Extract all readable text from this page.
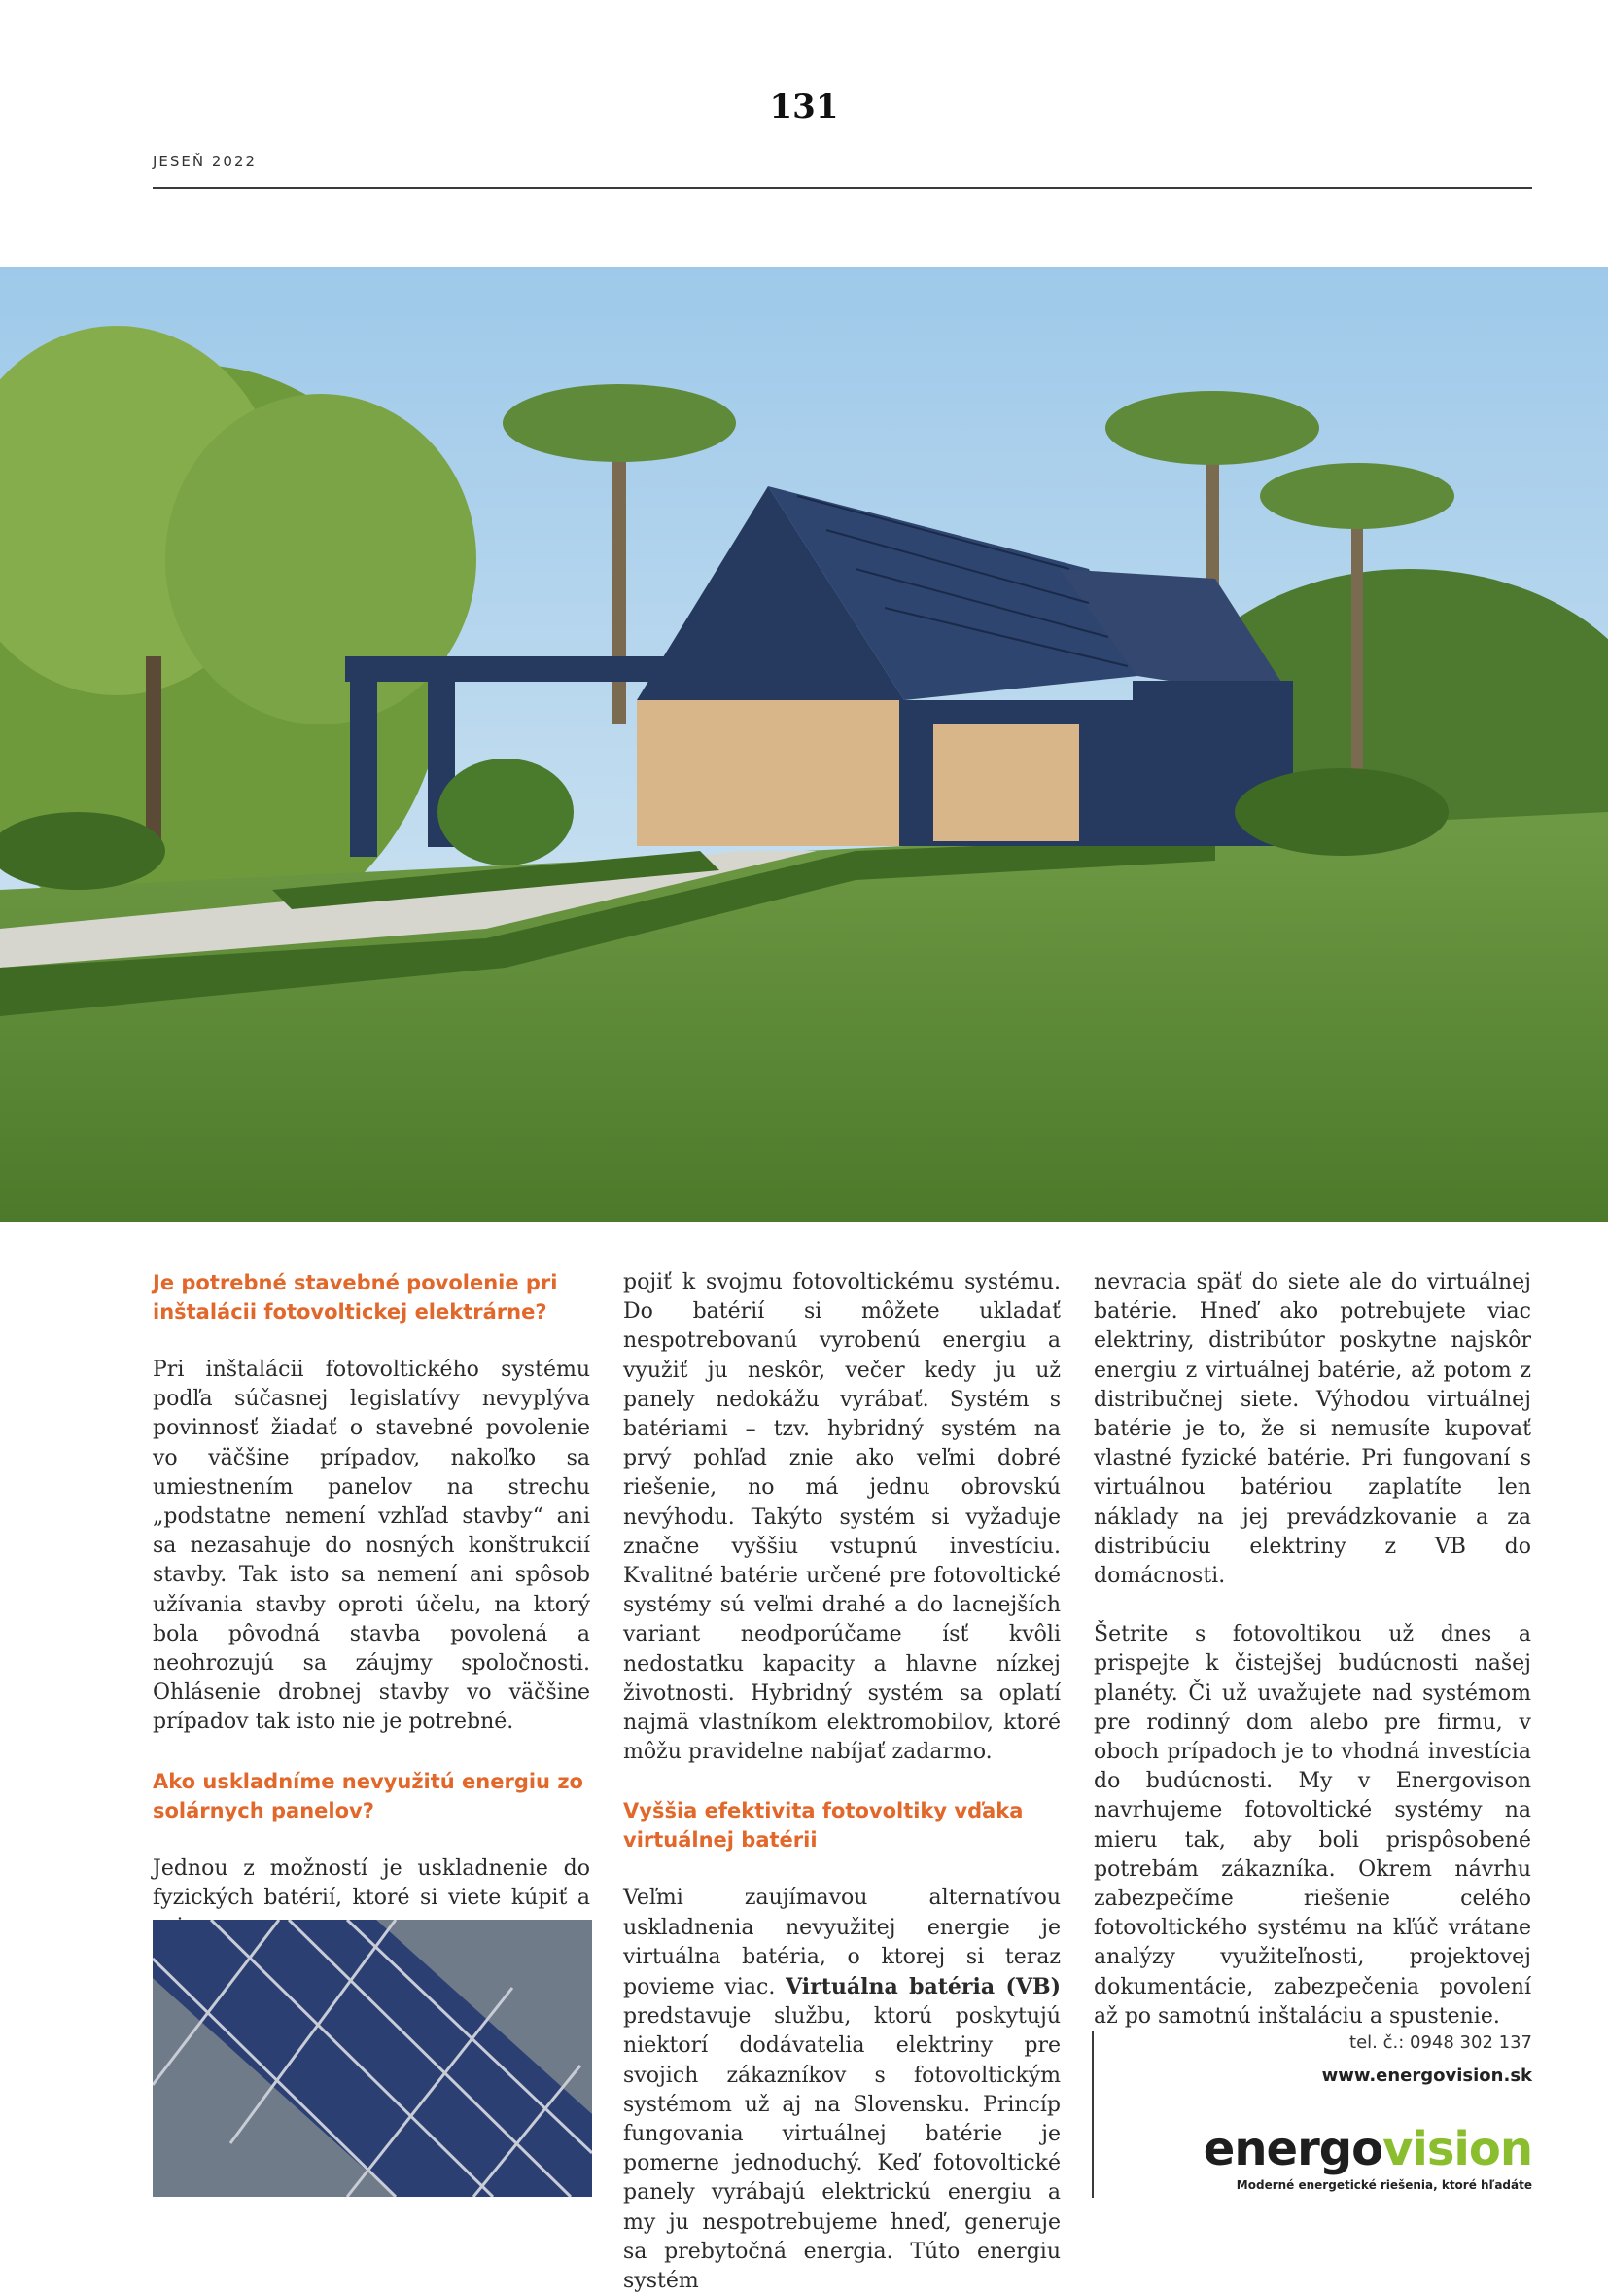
131
JESEŇ 2022
Je potrebné stavebné povolenie pri inštalácii fotovoltickej elektrárne?

Pri inštalácii fotovoltického systému podľa súčasnej legislatívy nevyplýva povinnosť žiadať o stavebné povolenie vo väčšine prípadov, nakoľko sa umiestnením panelov na strechu „podstatne nemení vzhľad stavby“ ani sa nezasahuje do nosných konštrukcií stavby. Tak isto sa nemení ani spôsob užívania stavby oproti účelu, na ktorý bola pôvodná stavba povolená a neohrozujú sa záujmy spoločnosti. Ohlásenie drobnej stavby vo väčšine prípadov tak isto nie je potrebné.

Ako uskladníme nevyužitú energiu zo solárnych panelov?

Jednou z možností je uskladnenie do fyzických batérií, ktoré si viete kúpiť a

pojiť k svojmu fotovoltickému systému. Do batérií si môžete ukladať nespotrebovanú vyrobenú energiu a využiť ju neskôr, večer kedy ju už panely nedokážu vyrábať. Systém s batériami – tzv. hybridný systém na prvý pohľad znie ako veľmi dobré riešenie, no má jednu obrovskú nevýhodu. Takýto systém si vyžaduje značne vyššiu vstupnú investíciu. Kvalitné batérie určené pre fotovoltické systémy sú veľmi drahé a do lacnejších variant neodporúčame ísť kvôli nedostatku kapacity a hlavne nízkej životnosti. Hybridný systém sa oplatí najmä vlastníkom elektromobilov, ktoré môžu pravidelne nabíjať zadarmo.

Vyššia efektivita fotovoltiky vďaka virtuálnej batérii

Veľmi zaujímavou alternatívou uskladnenia nevyužitej energie je virtuálna batéria, o ktorej si teraz povieme viac. Virtuálna batéria (VB) predstavuje službu, ktorú poskytujú niektorí dodávatelia elektriny pre svojich zákazníkov s fotovoltickým systémom už aj na Slovensku. Princíp fungovania virtuálnej batérie je pomerne jednoduchý. Keď fotovoltické panely vyrábajú elektrickú energiu a my ju nespotrebujeme hneď, generuje sa prebytočná energia. Túto energiu systém

nevracia späť do siete ale do virtuálnej batérie. Hneď ako potrebujete viac elektriny, distribútor poskytne najskôr energiu z virtuálnej batérie, až potom z distribučnej siete. Výhodou virtuálnej batérie je to, že si nemusíte kupovať vlastné fyzické batérie. Pri fungovaní s virtuálnou batériou zaplatíte len náklady na jej prevádzkovanie a za distribúciu elektriny z VB do domácnosti.

Šetrite s fotovoltikou už dnes a prispejte k čistejšej budúcnosti našej planéty. Či už uvažujete nad systémom pre rodinný dom alebo pre firmu, v oboch prípadoch je to vhodná investícia do budúcnosti. My v Energovison navrhujeme fotovoltické systémy na mieru tak, aby boli prispôsobené potrebám zákazníka. Okrem návrhu zabezpečíme riešenie celého fotovoltického systému na kľúč vrátane analýzy využiteľnosti, projektovej dokumentácie, zabezpečenia povolení až po samotnú inštaláciu a spustenie.

tel. č.: 0948 302 137
www.energovision.sk
energovision
Moderné energetické riešenia, ktoré hľadáte
